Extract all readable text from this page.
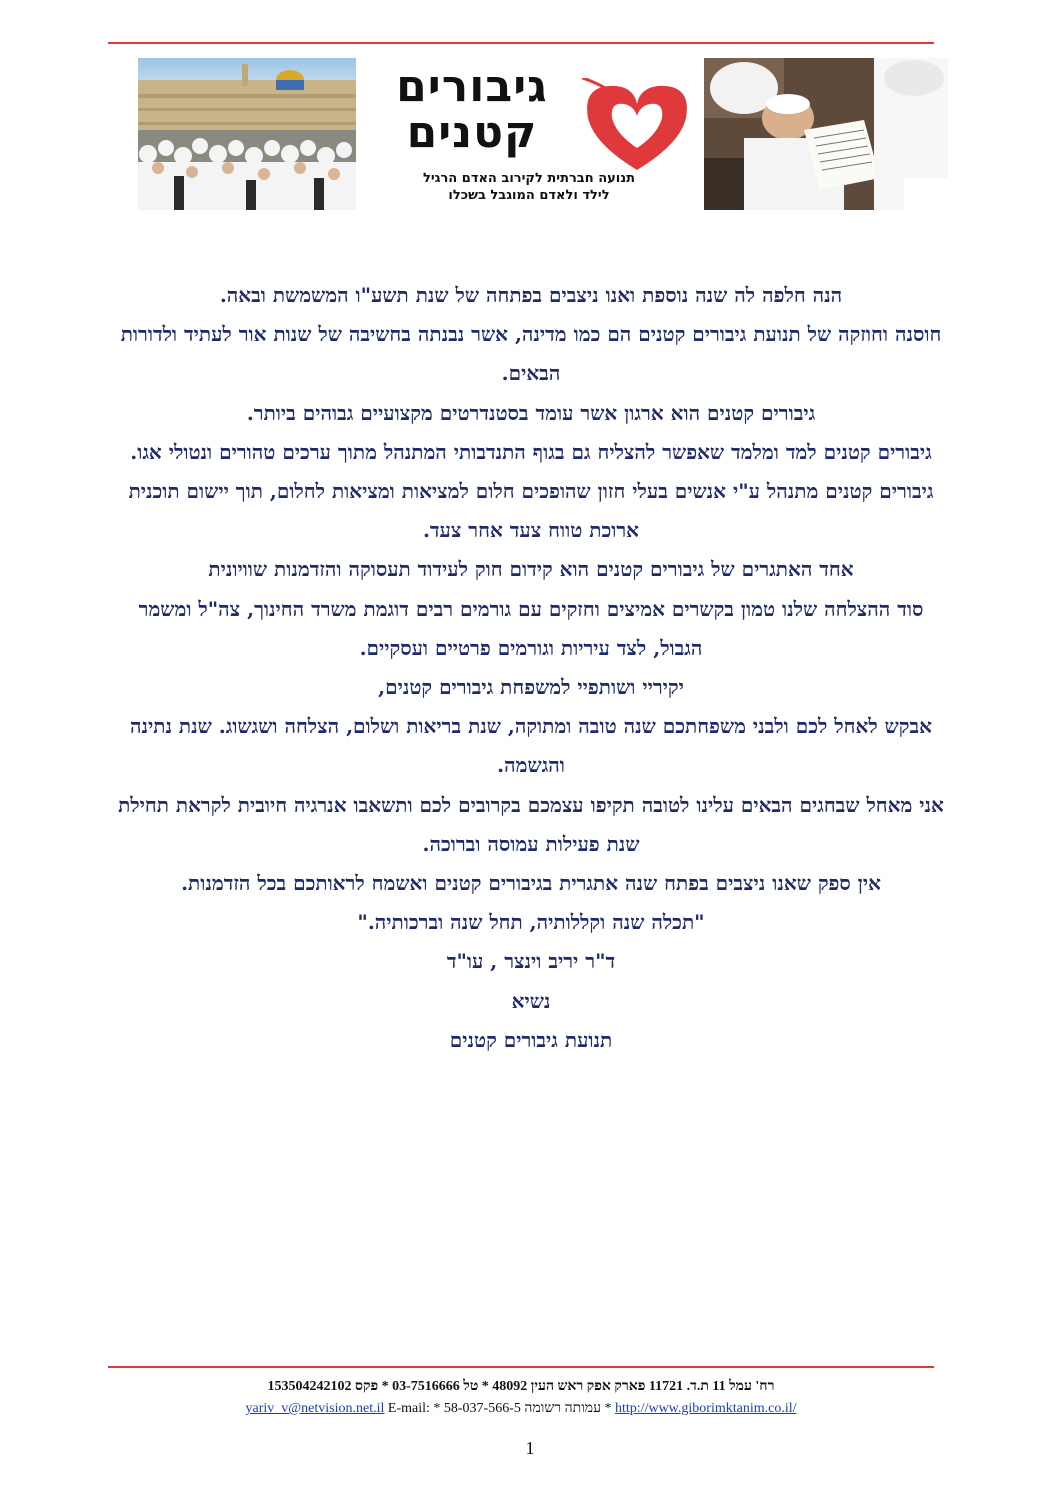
גיבורים
קטנים
תנועה חברתית לקירוב האדם הרגיל
לילד ולאדם המוגבל בשכלו

הנה חלפה לה שנה נוספת ואנו ניצבים בפתחה של שנת תשע"ו המשמשת ובאה.

חוסנה וחוזקה של תנועת גיבורים קטנים הם כמו מדינה, אשר נבנתה בחשיבה של שנות אור לעתיד ולדורות הבאים.

גיבורים קטנים הוא ארגון אשר עומד בסטנדרטים מקצועיים גבוהים ביותר.

גיבורים קטנים למד ומלמד שאפשר להצליח גם בגוף התנדבותי המתנהל מתוך ערכים טהורים ונטולי אגו.

גיבורים קטנים מתנהל ע"י אנשים בעלי חזון שהופכים חלום למציאות ומציאות לחלום, תוך יישום תוכנית ארוכת טווח צעד אחר צעד.

אחד האתגרים של גיבורים קטנים הוא קידום חוק לעידוד תעסוקה והזדמנות שוויונית

סוד ההצלחה שלנו טמון בקשרים אמיצים וחזקים עם גורמים רבים דוגמת משרד החינוך, צה"ל ומשמר הגבול, לצד עיריות וגורמים פרטיים ועסקיים.

יקיריי ושותפיי למשפחת גיבורים קטנים,

אבקש לאחל לכם ולבני משפחתכם שנה טובה ומתוקה, שנת בריאות ושלום, הצלחה ושגשוג. שנת נתינה והגשמה.

אני מאחל שבחגים הבאים עלינו לטובה תקיפו עצמכם בקרובים לכם ותשאבו אנרגיה חיובית לקראת תחילת שנת פעילות עמוסה וברוכה.

אין ספק שאנו ניצבים בפתח שנה אתגרית בגיבורים קטנים ואשמח לראותכם בכל הזדמנות.

"תכלה שנה וקללותיה, תחל שנה וברכותיה."

ד"ר יריב וינצר , עו"ד

נשיא

תנועת גיבורים קטנים

רח' עמל 11 ת.ד. 11721 פארק אפק ראש העין 48092 * טל 03-7516666 * פקס 153504242102
http://www.giborimktanim.co.il/ * עמותה רשומה 58-037-566-5 * E-mail: yariv_v@netvision.net.il
1
